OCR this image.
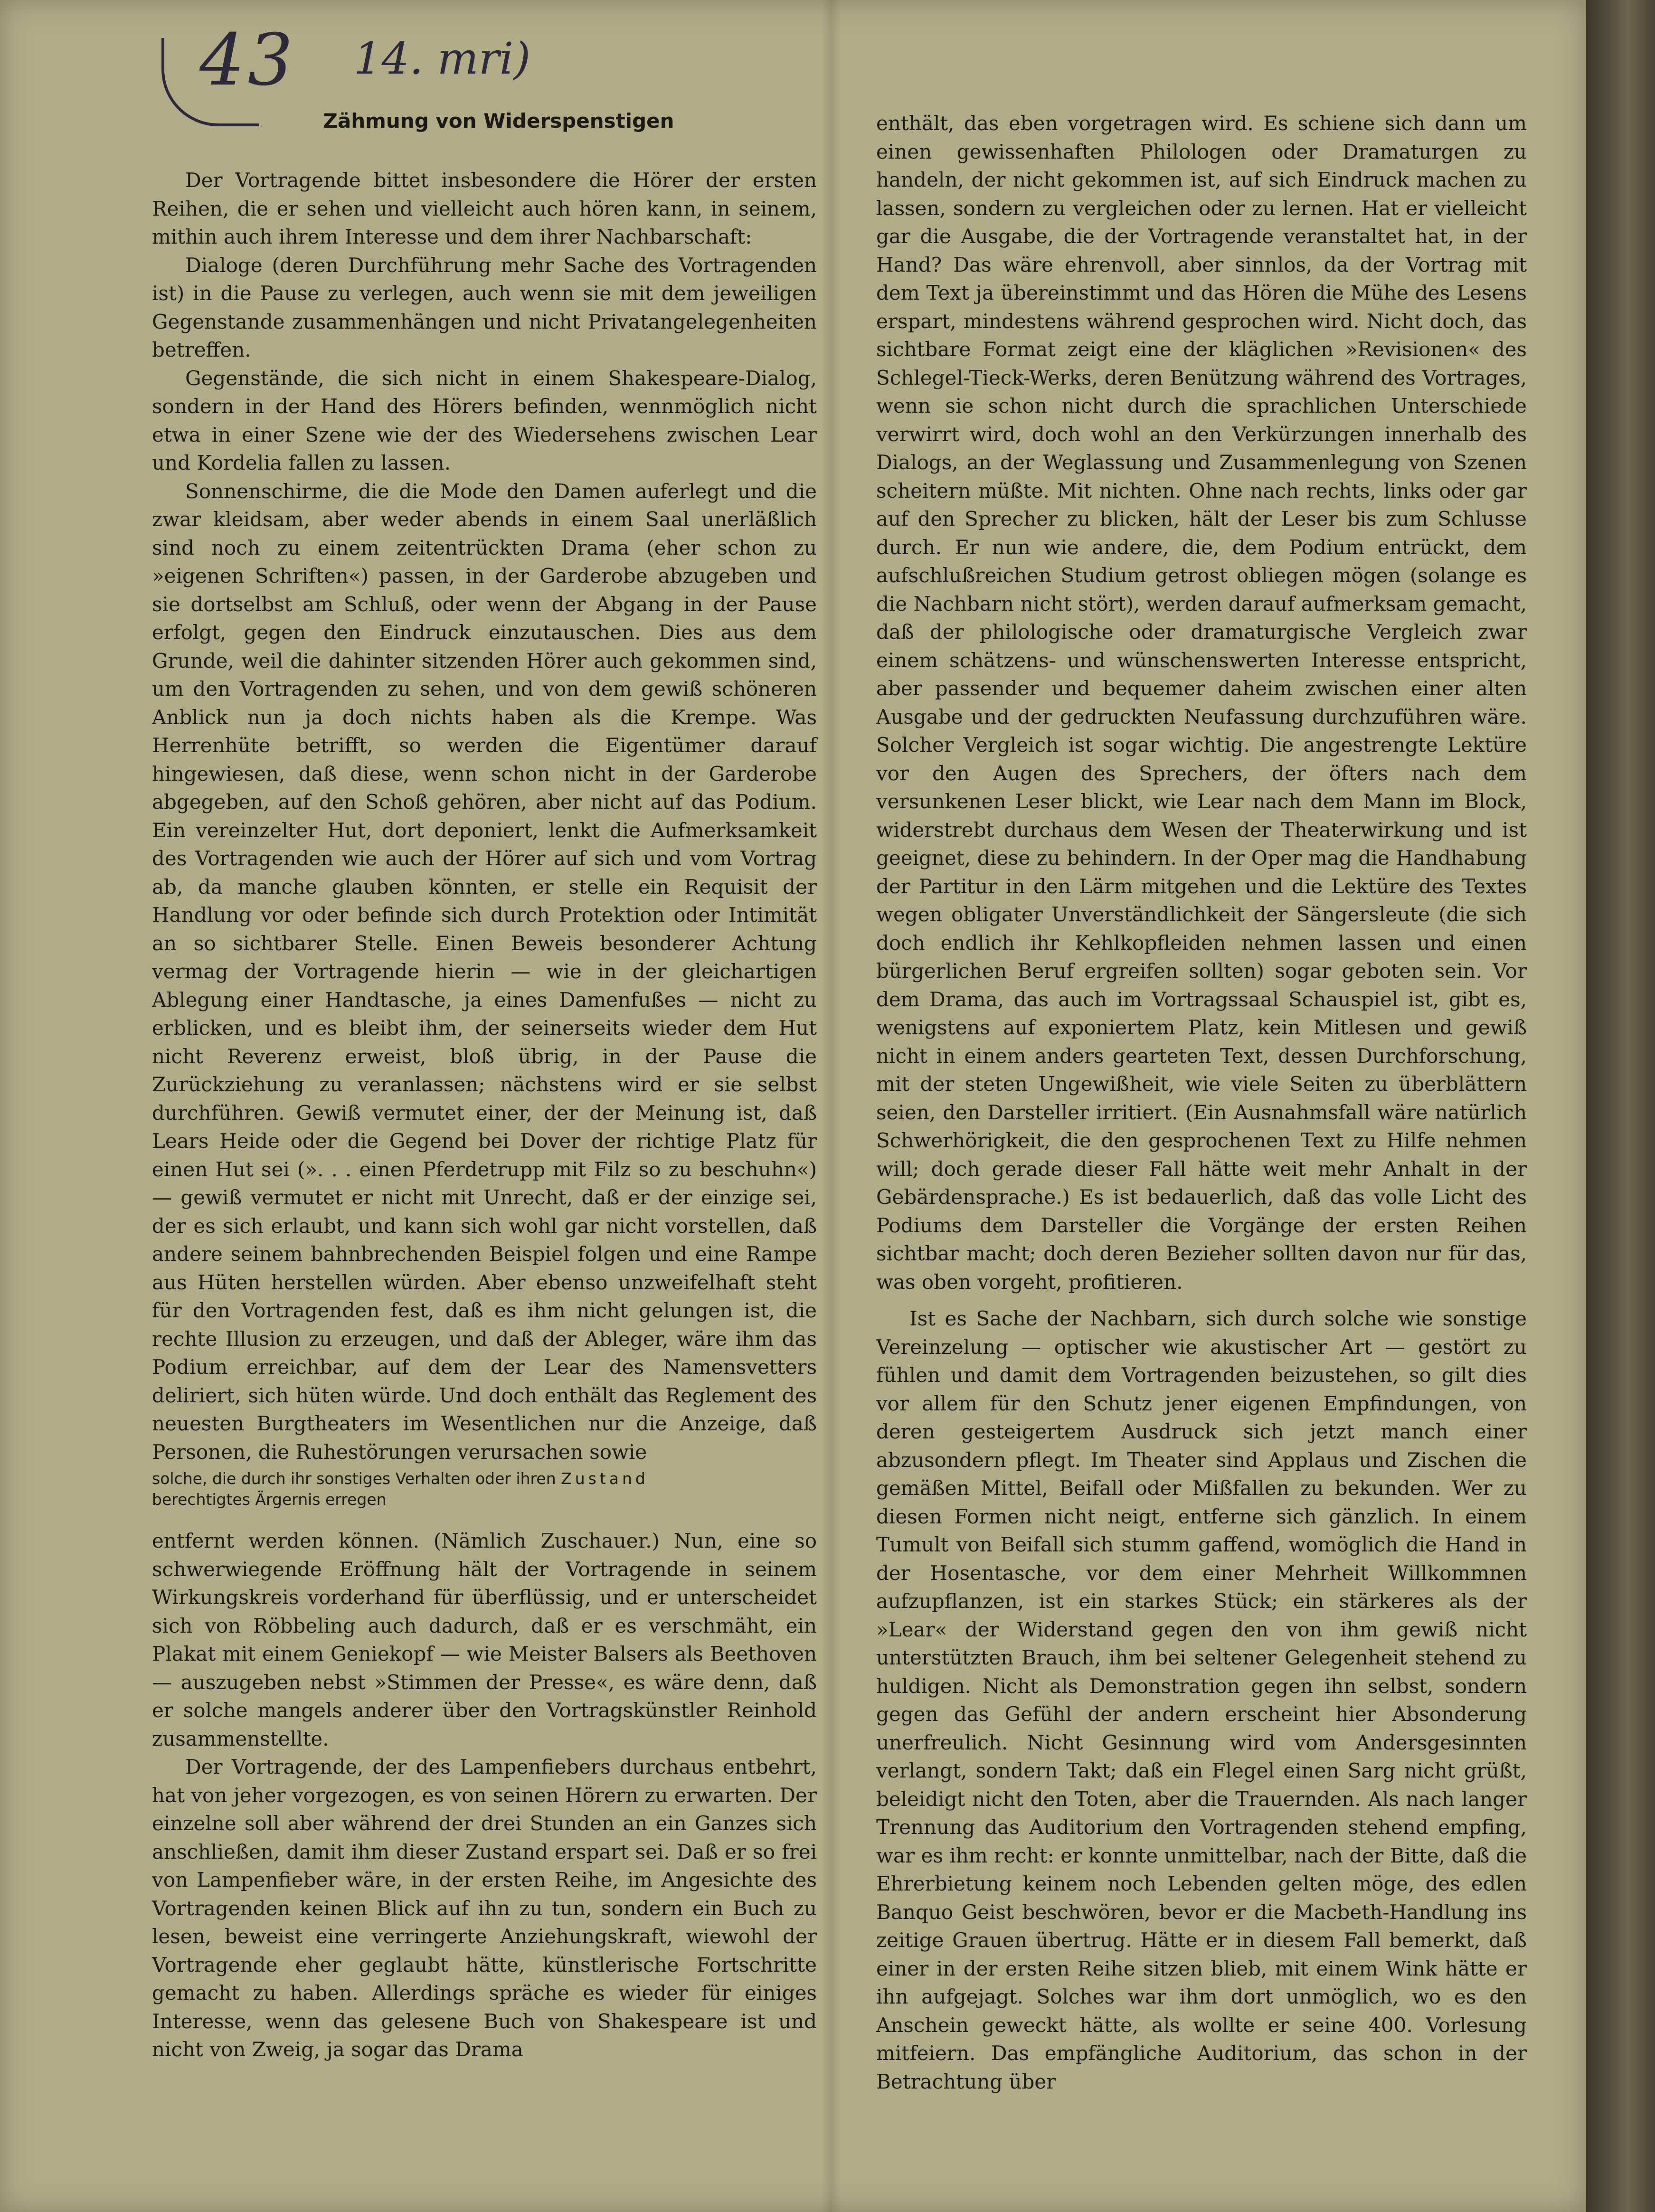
43 14. mri)
Zähmung von Widerspenstigen

Der Vortragende bittet insbesondere die Hörer der ersten Reihen, die er sehen und vielleicht auch hören kann, in seinem, mithin auch ihrem Interesse und dem ihrer Nachbarschaft:

Dialoge (deren Durchführung mehr Sache des Vortragenden ist) in die Pause zu verlegen, auch wenn sie mit dem jeweiligen Gegenstande zusammenhängen und nicht Privatangelegenheiten betreffen.

Gegenstände, die sich nicht in einem Shakespeare-Dialog, sondern in der Hand des Hörers befinden, wennmöglich nicht etwa in einer Szene wie der des Wiedersehens zwischen Lear und Kordelia fallen zu lassen.

Sonnenschirme, die die Mode den Damen auferlegt und die zwar kleidsam, aber weder abends in einem Saal unerläßlich sind noch zu einem zeitentrückten Drama (eher schon zu »eigenen Schriften«) passen, in der Garderobe abzugeben und sie dortselbst am Schluß, oder wenn der Abgang in der Pause erfolgt, gegen den Eindruck einzutauschen. Dies aus dem Grunde, weil die dahinter sitzenden Hörer auch gekommen sind, um den Vortragenden zu sehen, und von dem gewiß schöneren Anblick nun ja doch nichts haben als die Krempe. Was Herrenhüte betrifft, so werden die Eigentümer darauf hingewiesen, daß diese, wenn schon nicht in der Garderobe abgegeben, auf den Schoß gehören, aber nicht auf das Podium. Ein vereinzelter Hut, dort deponiert, lenkt die Aufmerksamkeit des Vortragenden wie auch der Hörer auf sich und vom Vortrag ab, da manche glauben könnten, er stelle ein Requisit der Handlung vor oder befinde sich durch Protektion oder Intimität an so sichtbarer Stelle. Einen Beweis besonderer Achtung vermag der Vortragende hierin — wie in der gleichartigen Ablegung einer Handtasche, ja eines Damenfußes — nicht zu erblicken, und es bleibt ihm, der seinerseits wieder dem Hut nicht Reverenz erweist, bloß übrig, in der Pause die Zurückziehung zu veranlassen; nächstens wird er sie selbst durchführen. Gewiß vermutet einer, der der Meinung ist, daß Lears Heide oder die Gegend bei Dover der richtige Platz für einen Hut sei (». . . einen Pferdetrupp mit Filz so zu beschuhn«) — gewiß vermutet er nicht mit Unrecht, daß er der einzige sei, der es sich erlaubt, und kann sich wohl gar nicht vorstellen, daß andere seinem bahnbrechenden Beispiel folgen und eine Rampe aus Hüten herstellen würden. Aber ebenso unzweifelhaft steht für den Vortragenden fest, daß es ihm nicht gelungen ist, die rechte Illusion zu erzeugen, und daß der Ableger, wäre ihm das Podium erreichbar, auf dem der Lear des Namensvetters deliriert, sich hüten würde. Und doch enthält das Reglement des neuesten Burgtheaters im Wesentlichen nur die Anzeige, daß Personen, die Ruhestörungen verursachen sowie

solche, die durch ihr sonstiges Verhalten oder ihren Zustand
berechtigtes Ärgernis erregen

entfernt werden können. (Nämlich Zuschauer.) Nun, eine so schwerwiegende Eröffnung hält der Vortragende in seinem Wirkungskreis vorderhand für überflüssig, und er unterscheidet sich von Röbbeling auch dadurch, daß er es verschmäht, ein Plakat mit einem Geniekopf — wie Meister Balsers als Beethoven — auszugeben nebst »Stimmen der Presse«, es wäre denn, daß er solche mangels anderer über den Vortragskünstler Reinhold zusammenstellte.

Der Vortragende, der des Lampenfiebers durchaus entbehrt, hat von jeher vorgezogen, es von seinen Hörern zu erwarten. Der einzelne soll aber während der drei Stunden an ein Ganzes sich anschließen, damit ihm dieser Zustand erspart sei. Daß er so frei von Lampenfieber wäre, in der ersten Reihe, im Angesichte des Vortragenden keinen Blick auf ihn zu tun, sondern ein Buch zu lesen, beweist eine verringerte Anziehungskraft, wiewohl der Vortragende eher geglaubt hätte, künstlerische Fortschritte gemacht zu haben. Allerdings spräche es wieder für einiges Interesse, wenn das gelesene Buch von Shakespeare ist und nicht von Zweig, ja sogar das Drama

enthält, das eben vorgetragen wird. Es schiene sich dann um einen gewissenhaften Philologen oder Dramaturgen zu handeln, der nicht gekommen ist, auf sich Eindruck machen zu lassen, sondern zu vergleichen oder zu lernen. Hat er vielleicht gar die Ausgabe, die der Vortragende veranstaltet hat, in der Hand? Das wäre ehrenvoll, aber sinnlos, da der Vortrag mit dem Text ja übereinstimmt und das Hören die Mühe des Lesens erspart, mindestens während gesprochen wird. Nicht doch, das sichtbare Format zeigt eine der kläglichen »Revisionen« des Schlegel-Tieck-Werks, deren Benützung während des Vortrages, wenn sie schon nicht durch die sprachlichen Unterschiede verwirrt wird, doch wohl an den Verkürzungen innerhalb des Dialogs, an der Weglassung und Zusammenlegung von Szenen scheitern müßte. Mit nichten. Ohne nach rechts, links oder gar auf den Sprecher zu blicken, hält der Leser bis zum Schlusse durch. Er nun wie andere, die, dem Podium entrückt, dem aufschlußreichen Studium getrost obliegen mögen (solange es die Nachbarn nicht stört), werden darauf aufmerksam gemacht, daß der philologische oder dramaturgische Vergleich zwar einem schätzens- und wünschenswerten Interesse entspricht, aber passender und bequemer daheim zwischen einer alten Ausgabe und der gedruckten Neufassung durchzuführen wäre. Solcher Vergleich ist sogar wichtig. Die angestrengte Lektüre vor den Augen des Sprechers, der öfters nach dem versunkenen Leser blickt, wie Lear nach dem Mann im Block, widerstrebt durchaus dem Wesen der Theaterwirkung und ist geeignet, diese zu behindern. In der Oper mag die Handhabung der Partitur in den Lärm mitgehen und die Lektüre des Textes wegen obligater Unverständlichkeit der Sängersleute (die sich doch endlich ihr Kehlkopfleiden nehmen lassen und einen bürgerlichen Beruf ergreifen sollten) sogar geboten sein. Vor dem Drama, das auch im Vortragssaal Schauspiel ist, gibt es, wenigstens auf exponiertem Platz, kein Mitlesen und gewiß nicht in einem anders gearteten Text, dessen Durchforschung, mit der steten Ungewißheit, wie viele Seiten zu überblättern seien, den Darsteller irritiert. (Ein Ausnahmsfall wäre natürlich Schwerhörigkeit, die den gesprochenen Text zu Hilfe nehmen will; doch gerade dieser Fall hätte weit mehr Anhalt in der Gebärdensprache.) Es ist bedauerlich, daß das volle Licht des Podiums dem Darsteller die Vorgänge der ersten Reihen sichtbar macht; doch deren Bezieher sollten davon nur für das, was oben vorgeht, profitieren.

Ist es Sache der Nachbarn, sich durch solche wie sonstige Vereinzelung — optischer wie akustischer Art — gestört zu fühlen und damit dem Vortragenden beizustehen, so gilt dies vor allem für den Schutz jener eigenen Empfindungen, von deren gesteigertem Ausdruck sich jetzt manch einer abzusondern pflegt. Im Theater sind Applaus und Zischen die gemäßen Mittel, Beifall oder Mißfallen zu bekunden. Wer zu diesen Formen nicht neigt, entferne sich gänzlich. In einem Tumult von Beifall sich stumm gaffend, womöglich die Hand in der Hosentasche, vor dem einer Mehrheit Willkommnen aufzupflanzen, ist ein starkes Stück; ein stärkeres als der »Lear« der Widerstand gegen den von ihm gewiß nicht unterstützten Brauch, ihm bei seltener Gelegenheit stehend zu huldigen. Nicht als Demonstration gegen ihn selbst, sondern gegen das Gefühl der andern erscheint hier Absonderung unerfreulich. Nicht Gesinnung wird vom Andersgesinnten verlangt, sondern Takt; daß ein Flegel einen Sarg nicht grüßt, beleidigt nicht den Toten, aber die Trauernden. Als nach langer Trennung das Auditorium den Vortragenden stehend empfing, war es ihm recht: er konnte unmittelbar, nach der Bitte, daß die Ehrerbietung keinem noch Lebenden gelten möge, des edlen Banquo Geist beschwören, bevor er die Macbeth-Handlung ins zeitige Grauen übertrug. Hätte er in diesem Fall bemerkt, daß einer in der ersten Reihe sitzen blieb, mit einem Wink hätte er ihn aufgejagt. Solches war ihm dort unmöglich, wo es den Anschein geweckt hätte, als wollte er seine 400. Vorlesung mitfeiern. Das empfängliche Auditorium, das schon in der Betrachtung über
